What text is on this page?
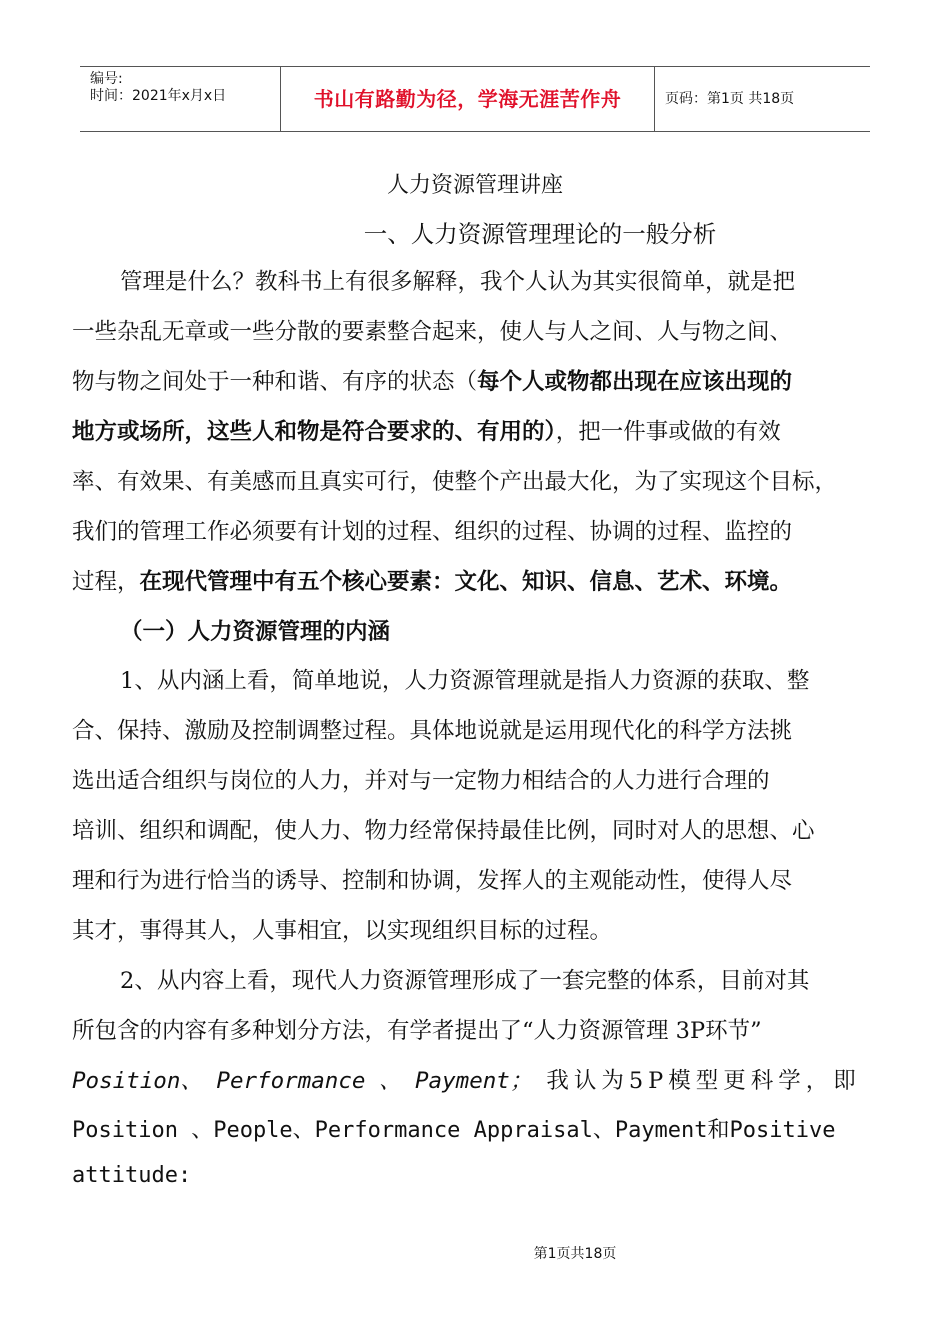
编号:
时间：2021年x月x日	书山有路勤为径，学海无涯苦作舟	页码：第1页 共18页
人力资源管理讲座
一、人力资源管理理论的一般分析
管理是什么？教科书上有很多解释，我个人认为其实很简单，就是把
一些杂乱无章或一些分散的要素整合起来，使人与人之间、人与物之间、
物与物之间处于一种和谐、有序的状态（每个人或物都出现在应该出现的
地方或场所，这些人和物是符合要求的、有用的），把一件事或做的有效
率、有效果、有美感而且真实可行，使整个产出最大化，为了实现这个目标，
我们的管理工作必须要有计划的过程、组织的过程、协调的过程、监控的
过程，在现代管理中有五个核心要素：文化、知识、信息、艺术、环境。
（一）人力资源管理的内涵
1、从内涵上看，简单地说，人力资源管理就是指人力资源的获取、整
合、保持、激励及控制调整过程。具体地说就是运用现代化的科学方法挑
选出适合组织与岗位的人力，并对与一定物力相结合的人力进行合理的
培训、组织和调配，使人力、物力经常保持最佳比例，同时对人的思想、心
理和行为进行恰当的诱导、控制和协调，发挥人的主观能动性，使得人尽
其才，事得其人，人事相宜，以实现组织目标的过程。
2、从内容上看，现代人力资源管理形成了一套完整的体系，目前对其
所包含的内容有多种划分方法，有学者提出了“人力资源管理 3P环节”
Position、 Performance 、 Payment； 我认为5P模型更科学，即
Position 、People、Performance Appraisal、Payment和Positive
attitude:
第1页共18页
